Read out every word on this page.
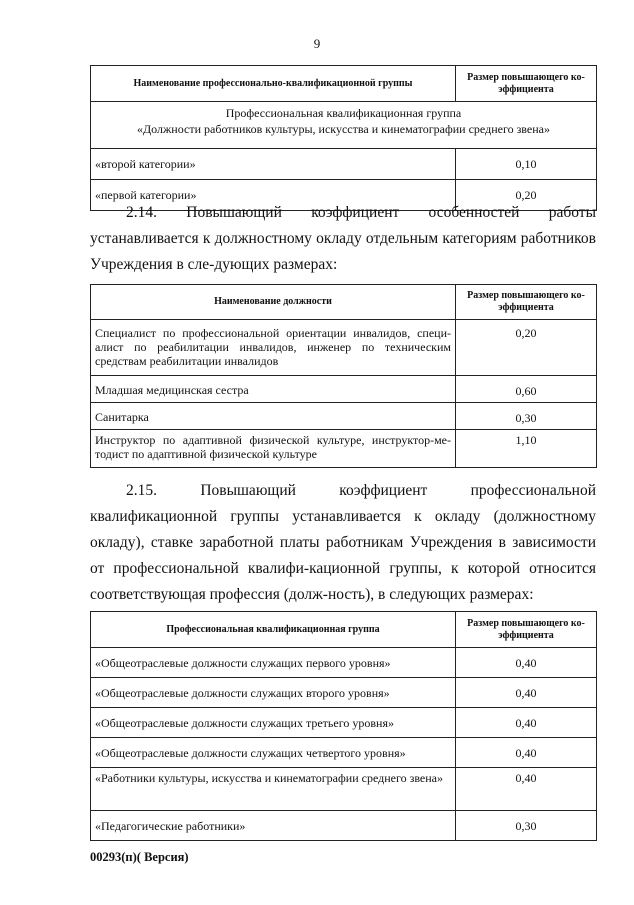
9
Наименование профессионально-квалификационной группы	Размер повышающего ко-эффициента

Профессиональная квалификационная группа
«Должности работников культуры, искусства и кинематографии среднего звена»	

«второй категории»	0,10
«первой категории»	0,20

2.14. Повышающий коэффициент особенностей работы устанавливается к должностному окладу отдельным категориям работников Учреждения в сле-дующих размерах:

Наименование должности	Размер повышающего ко-эффициента
Специалист по профессиональной ориентации инвалидов, специ-алист по реабилитации инвалидов, инженер по техническим средствам реабилитации инвалидов	0,20
Младшая медицинская сестра	0,60
Санитарка	0,30
Инструктор по адаптивной физической культуре, инструктор-ме-тодист по адаптивной физической культуре	1,10

2.15. Повышающий коэффициент профессиональной квалификационной группы устанавливается к окладу (должностному окладу), ставке заработной платы работникам Учреждения в зависимости от профессиональной квалифи-кационной группы, к которой относится соответствующая профессия (долж-ность), в следующих размерах:

Профессиональная квалификационная группа	Размер повышающего ко-эффициента
«Общеотраслевые должности служащих первого уровня»	0,40
«Общеотраслевые должности служащих второго уровня»	0,40
«Общеотраслевые должности служащих третьего уровня»	0,40
«Общеотраслевые должности служащих четвертого уровня»	0,40
«Работники культуры, искусства и кинематографии среднего звена»	0,40
«Педагогические работники»	0,30
00293(п)( Версия)
